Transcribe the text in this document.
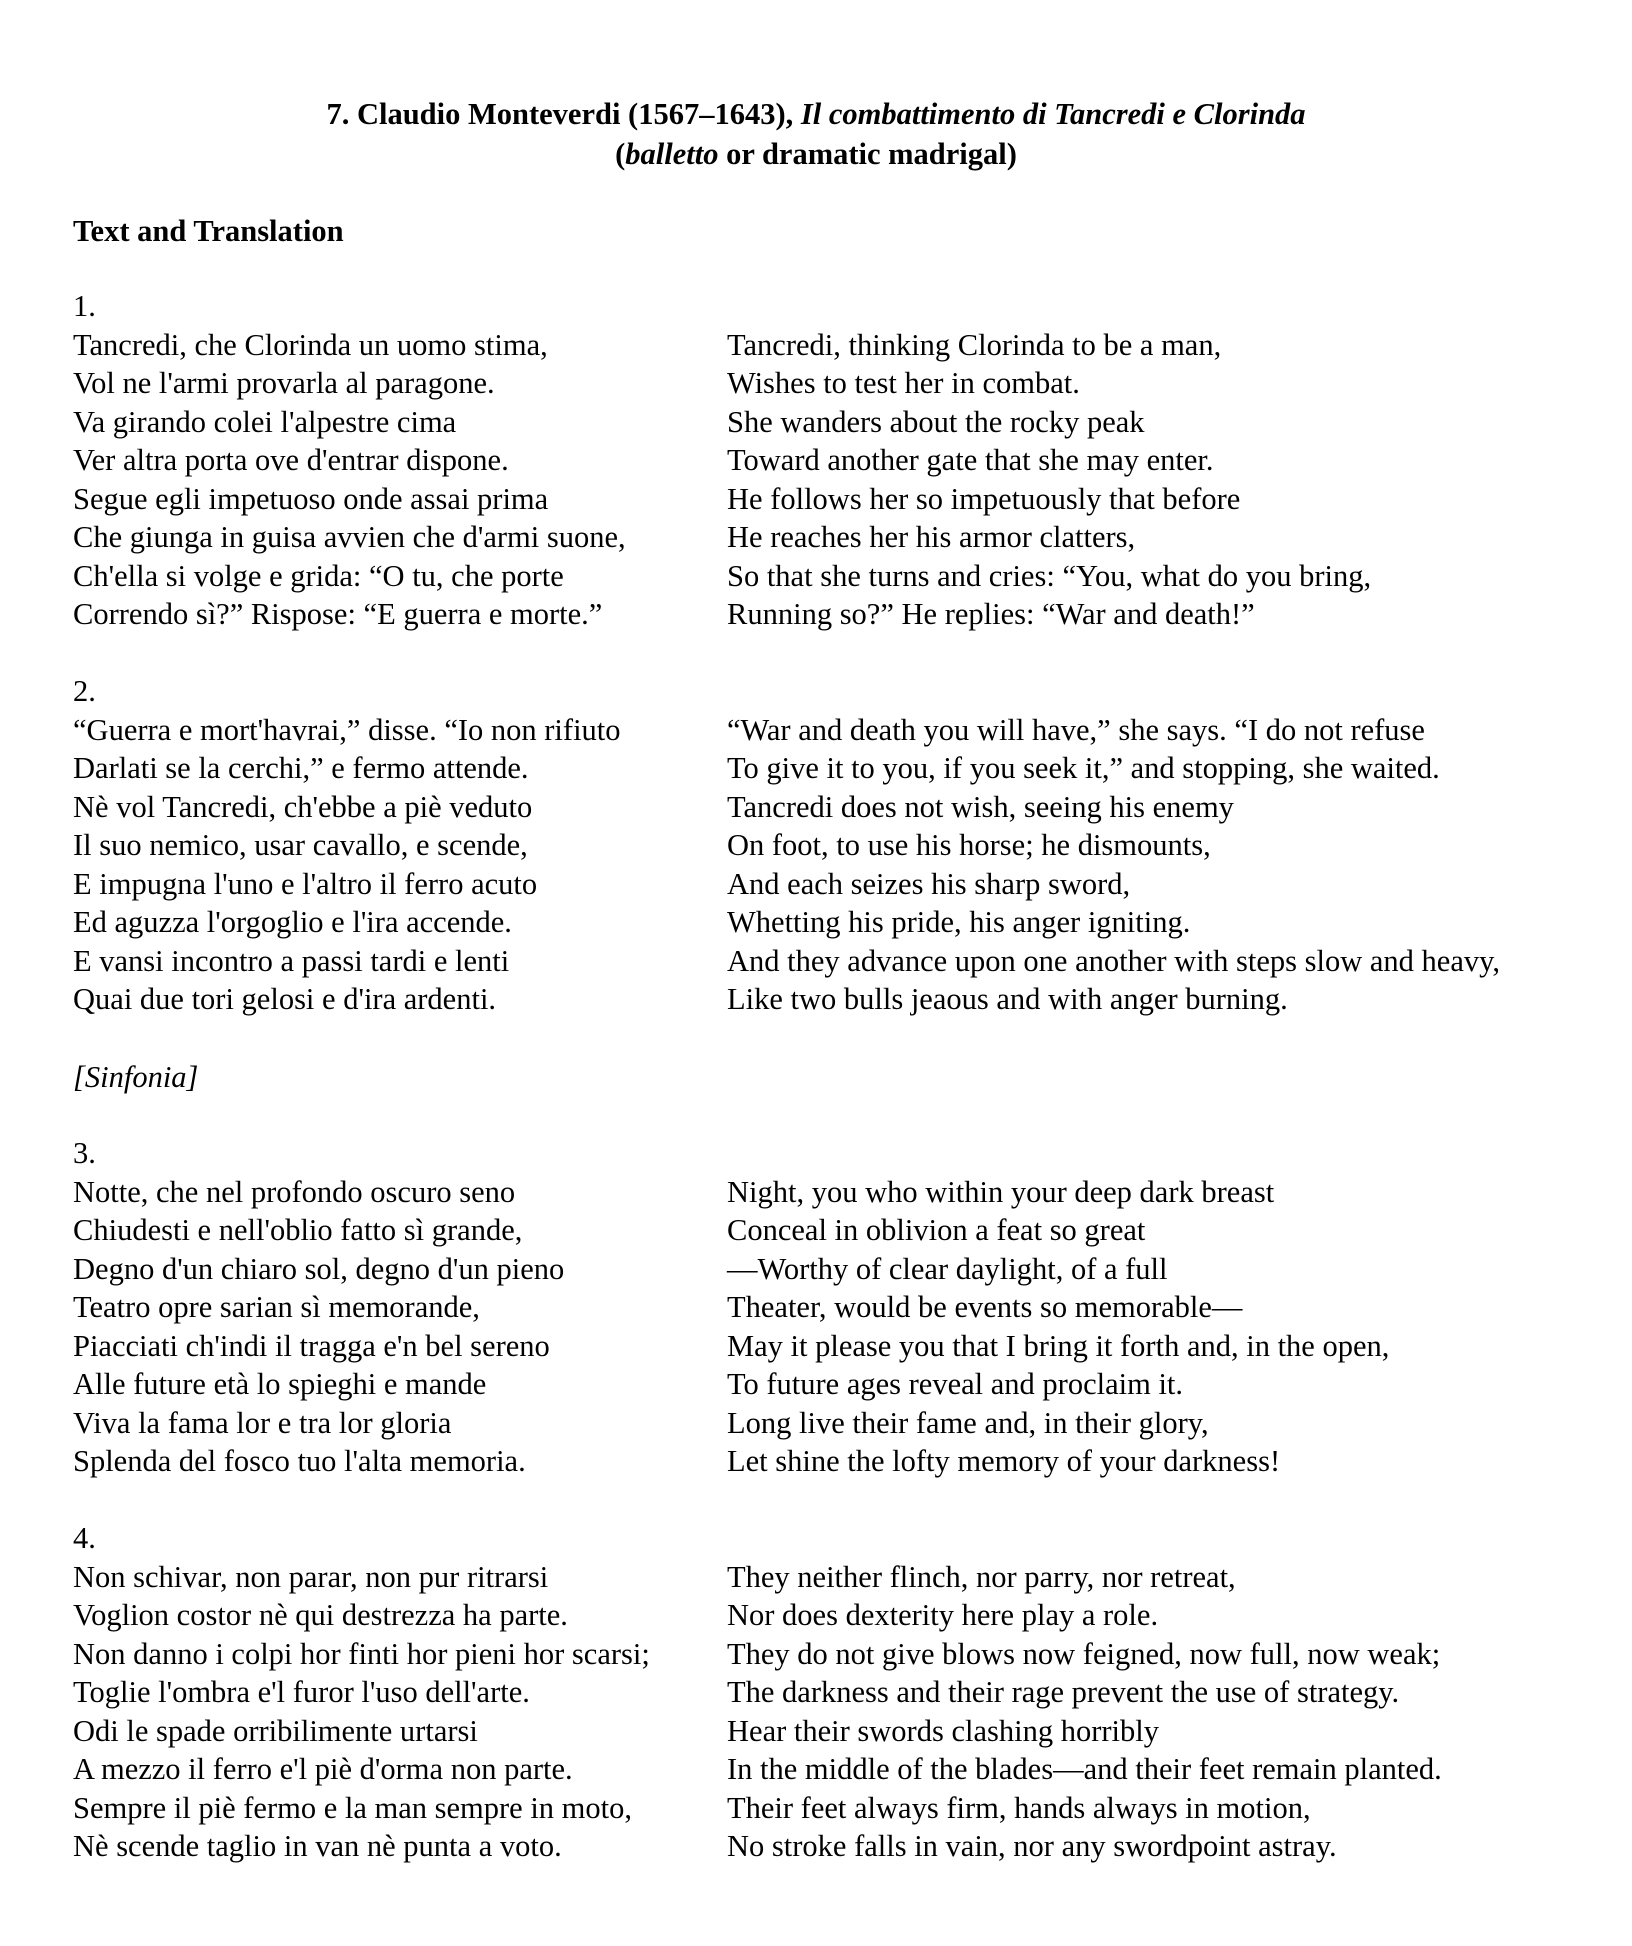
7. Claudio Monteverdi (1567–1643), Il combattimento di Tancredi e Clorinda
(balletto or dramatic madrigal)
Text and Translation
1.
Tancredi, che Clorinda un uomo stima,	Tancredi, thinking Clorinda to be a man,
Vol ne l'armi provarla al paragone.	Wishes to test her in combat.
Va girando colei l'alpestre cima	She wanders about the rocky peak
Ver altra porta ove d'entrar dispone.	Toward another gate that she may enter.
Segue egli impetuoso onde assai prima	He follows her so impetuously that before
Che giunga in guisa avvien che d'armi suone,	He reaches her his armor clatters,
Ch'ella si volge e grida: “O tu, che porte	So that she turns and cries: “You, what do you bring,
Correndo sì?” Rispose: “E guerra e morte.”	Running so?” He replies: “War and death!”
2.
“Guerra e mort'havrai,” disse. “Io non rifiuto	“War and death you will have,” she says. “I do not refuse
Darlati se la cerchi,” e fermo attende.	To give it to you, if you seek it,” and stopping, she waited.
Nè vol Tancredi, ch'ebbe a piè veduto	Tancredi does not wish, seeing his enemy
Il suo nemico, usar cavallo, e scende,	On foot, to use his horse; he dismounts,
E impugna l'uno e l'altro il ferro acuto	And each seizes his sharp sword,
Ed aguzza l'orgoglio e l'ira accende.	Whetting his pride, his anger igniting.
E vansi incontro a passi tardi e lenti	And they advance upon one another with steps slow and heavy,
Quai due tori gelosi e d'ira ardenti.	Like two bulls jeaous and with anger burning.

[Sinfonia]

3.
Notte, che nel profondo oscuro seno	Night, you who within your deep dark breast
Chiudesti e nell'oblio fatto sì grande,	Conceal in oblivion a feat so great
Degno d'un chiaro sol, degno d'un pieno	—Worthy of clear daylight, of a full
Teatro opre sarian sì memorande,	Theater, would be events so memorable—
Piacciati ch'indi il tragga e'n bel sereno	May it please you that I bring it forth and, in the open,
Alle future età lo spieghi e mande	To future ages reveal and proclaim it.
Viva la fama lor e tra lor gloria	Long live their fame and, in their glory,
Splenda del fosco tuo l'alta memoria.	Let shine the lofty memory of your darkness!
4.
Non schivar, non parar, non pur ritrarsi	They neither flinch, nor parry, nor retreat,
Voglion costor nè qui destrezza ha parte.	Nor does dexterity here play a role.
Non danno i colpi hor finti hor pieni hor scarsi;	They do not give blows now feigned, now full, now weak;
Toglie l'ombra e'l furor l'uso dell'arte.	The darkness and their rage prevent the use of strategy.
Odi le spade orribilimente urtarsi	Hear their swords clashing horribly
A mezzo il ferro e'l piè d'orma non parte.	In the middle of the blades—and their feet remain planted.
Sempre il piè fermo e la man sempre in moto,	Their feet always firm, hands always in motion,
Nè scende taglio in van nè punta a voto.	No stroke falls in vain, nor any swordpoint astray.
